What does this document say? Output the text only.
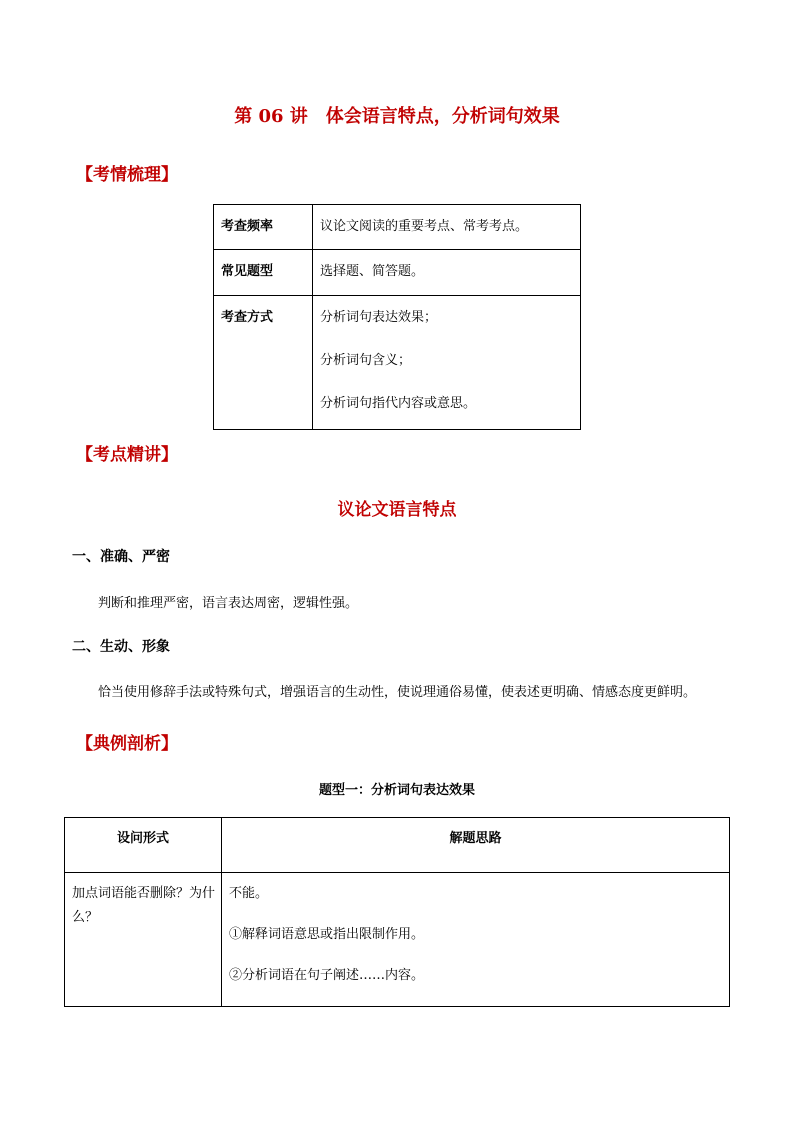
第 06 讲　体会语言特点，分析词句效果
【考情梳理】
考查频率	议论文阅读的重要考点、常考考点。

常见题型	选择题、简答题。

考查方式	分析词句表达效果；

分析词句含义；

分析词句指代内容或意思。

【考点精讲】
议论文语言特点
一、准确、严密
判断和推理严密，语言表达周密，逻辑性强。
二、生动、形象
恰当使用修辞手法或特殊句式，增强语言的生动性，使说理通俗易懂，使表述更明确、情感态度更鲜明。
【典例剖析】
题型一：分析词句表达效果
设问形式	解题思路
加点词语能否删除？为什么？	不能。

①解释词语意思或指出限制作用。

②分析词语在句子阐述……内容。
